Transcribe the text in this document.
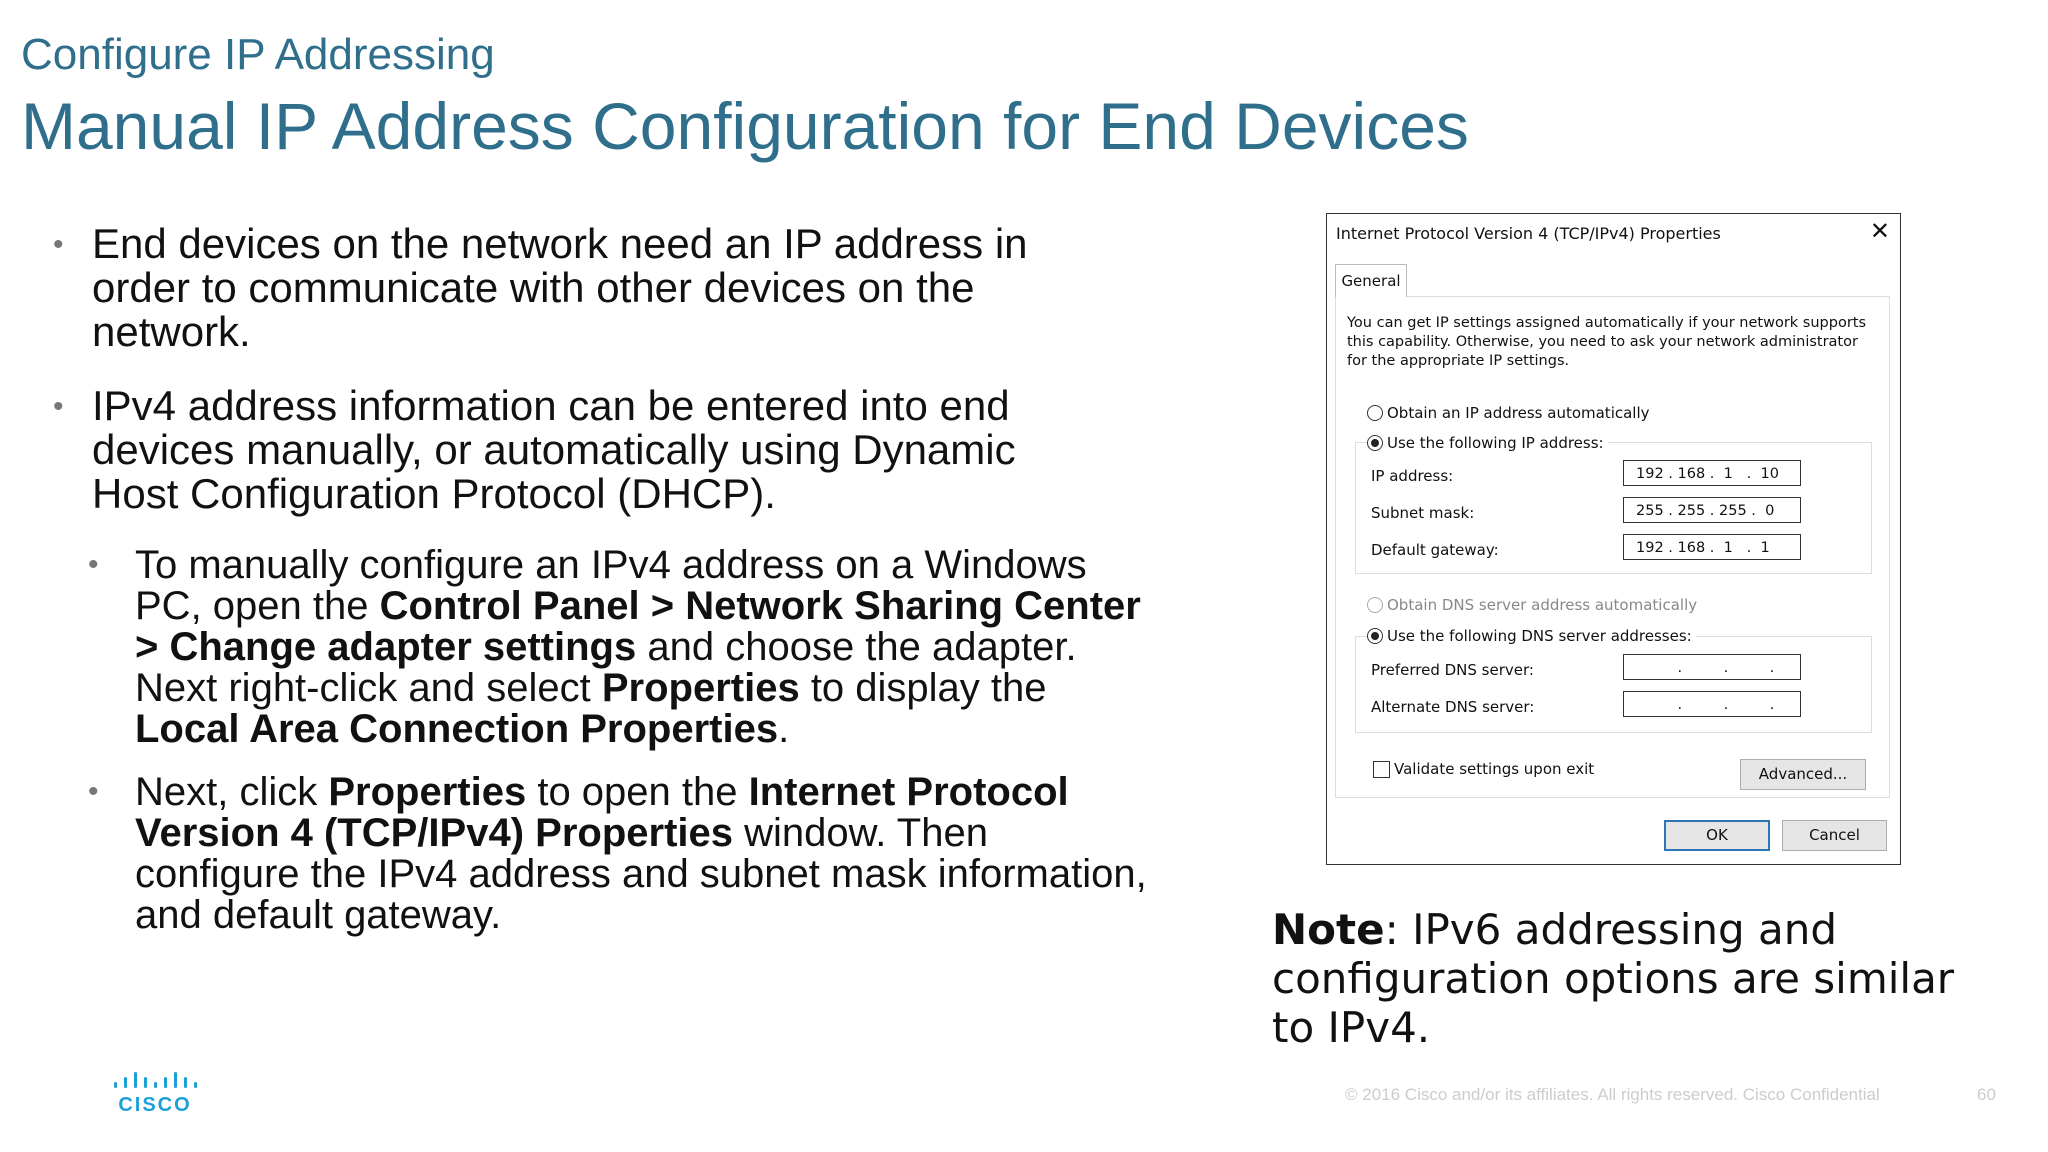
Configure IP Addressing
Manual IP Address Configuration for End Devices
• End devices on the network need an IP address in order to communicate with other devices on the network.
• IPv4 address information can be entered into end devices manually, or automatically using Dynamic Host Configuration Protocol (DHCP).
• To manually configure an IPv4 address on a Windows PC, open the Control Panel > Network Sharing Center > Change adapter settings and choose the adapter. Next right-click and select Properties to display the Local Area Connection Properties.
• Next, click Properties to open the Internet Protocol Version 4 (TCP/IPv4) Properties window. Then configure the IPv4 address and subnet mask information, and default gateway.
Internet Protocol Version 4 (TCP/IPv4) Properties	✕
General
You can get IP settings assigned automatically if your network supports this capability. Otherwise, you need to ask your network administrator for the appropriate IP settings.
Obtain an IP address automatically
Use the following IP address:
IP address:	192 . 168 .  1   .  10
Subnet mask:	255 . 255 . 255 .  0
Default gateway:	192 . 168 .  1   .  1
Obtain DNS server address automatically
Use the following DNS server addresses:
Preferred DNS server:	.         .         .
Alternate DNS server:	.         .         .
Validate settings upon exit	Advanced...
OK	Cancel
Note: IPv6 addressing and configuration options are similar to IPv4.
CISCO	© 2016 Cisco and/or its affiliates. All rights reserved. Cisco Confidential	60
